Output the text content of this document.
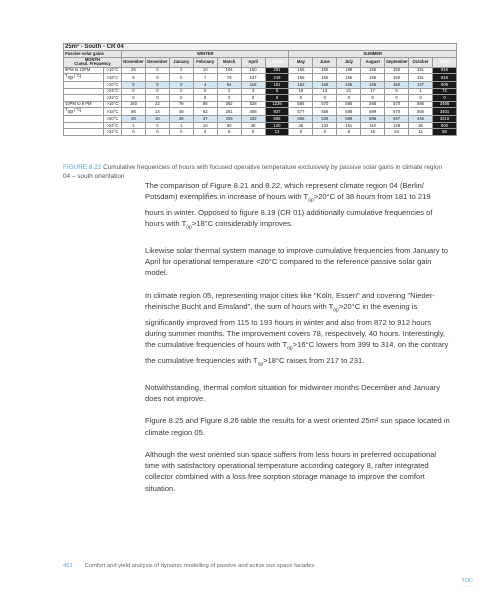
25m² - South - CR 04															
Passive solar gains		WINTER							SUMMER						

MONTH
Cumul. Frequency		November	December	January	February	March	April	SUM	May	June	July	August	September	October	SUM
8PM to 10PM	>16°C	25	0	2	10	104	150	291	156	155	188	155	150	151	916
$T_{op}$ [°C]	>18°C	5	0	0	7	73	137	219	155	155	155	155	150	151	916
	>20°C	0	0	0	4	54	118	181	152	156	155	155	150	147	909
	>24°C	0	0	0	0	2	3	5	19	13	21	17	5	1	72
	>32°C	0	0	0	0	0	0	0	0	0	0	0	0	0	0
10PM to 8 PM	>16°C	160	22	76	88	362	528	1236	586	570	586	586	570	586	3486
$T_{op}$ [°C]	>18°C	86	14	48	62	281	488	937	577	558	588	589	570	556	3401
	>20°C	30	10	28	37	208	332	608	556	536	589	586	547	446	3210
	>24°C	1	0	1	10	60	48	120	45	132	151	110	128	36	600
	>32°C	0	0	0	4	8	0	13	0	0	8	15	24	11	58
FIGURE 8.22 Cumulative frequencies of hours with focused operative temperature exclusively by passive solar gains in climate region 04 – south orientation

The comparison of Figure 8.21 and 8.22, which represent climate region 04 (Berlin/ Potsdam) exemplifies in increase of hours with $T_{op}>20^\circ C$ of 38 hours from 181 to 219 hours in winter. Opposed to figure 8.19 (CR 01) additionally cumulative frequencies of hours with $T_{op}>18^\circ C$ considerably improves.

Likewise solar thermal system manage to improve cumulative frequencies from January to April for operational temperature <20°C compared to the reference passive solar gain model.

In climate region 05, representing major cities like "Köln, Essen" and covering "Nieder-rheinische Bucht and Emsland", the sum of hours with $T_{op}>20^\circ C$ in the evening is significantly improved from 115 to 193 hours in winter and also from 872 to 912 hours during summer months. The improvement covers 78, respectively, 40 hours. Interestingly, the cumulative frequencies of hours with $T_{op}>16^\circ C$ lowers from 399 to 314, on the contrary the cumulative frequencies with $T_{op}>18^\circ C$ raises from 217 to 231.

Notwithstanding, thermal comfort situation for midwinter months December and January does not improve.

Figure 8.25 and Figure 8.26 table the results for a west oriented 25m² sun space located in climate region 05.

Although the west oriented sun space suffers from less hours in preferred occupational time with satisfactory operational temperature according category 8, rafter integrated collector combined with a loss free sorption storage manage to improve the comfort situation.

451 Comfort and yield analysis of dynamic modelling of passive and active sun space facades
TOC
·······
